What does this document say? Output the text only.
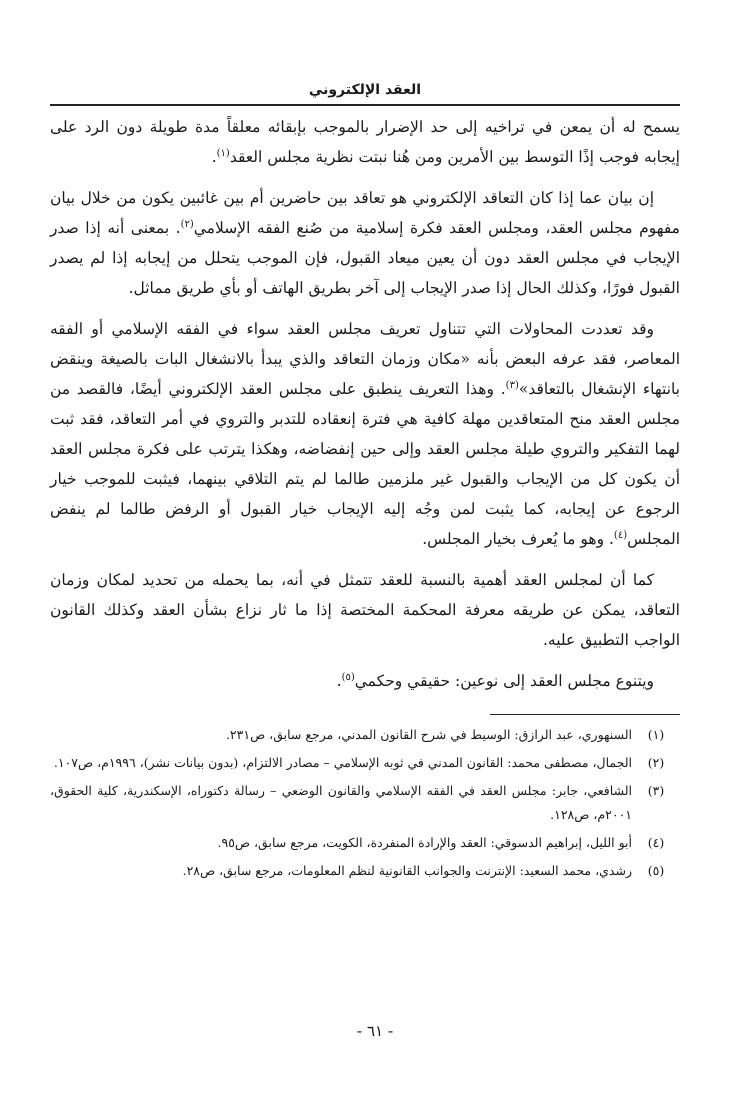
العقد الإلكتروني

يسمح له أن يمعن في تراخيه إلى حد الإضرار بالموجب بإبقائه معلقاً مدة طويلة دون الرد على إيجابه فوجب إذًا التوسط بين الأمرين ومن هُنا نبتت نظرية مجلس العقد$^{(١)}$.

إن بيان عما إذا كان التعاقد الإلكتروني هو تعاقد بين حاضرين أم بين غائبين يكون من خلال بيان مفهوم مجلس العقد، ومجلس العقد فكرة إسلامية من صُنع الفقه الإسلامي$^{(٢)}$. بمعنى أنه إذا صدر الإيجاب في مجلس العقد دون أن يعين ميعاد القبول، فإن الموجب يتحلل من إيجابه إذا لم يصدر القبول فورًا، وكذلك الحال إذا صدر الإيجاب إلى آخر بطريق الهاتف أو بأي طريق مماثل.

وقد تعددت المحاولات التي تتناول تعريف مجلس العقد سواء في الفقه الإسلامي أو الفقه المعاصر، فقد عرفه البعض بأنه «مكان وزمان التعاقد والذي يبدأ بالانشغال البات بالصيغة وينقض بانتهاء الإنشغال بالتعاقد»$^{(٣)}$. وهذا التعريف ينطبق على مجلس العقد الإلكتروني أيضًا، فالقصد من مجلس العقد منح المتعاقدين مهلة كافية هي فترة إنعقاده للتدبر والتروي في أمر التعاقد، فقد ثبت لهما التفكير والتروي طيلة مجلس العقد وإلى حين إنفضاضه، وهكذا يترتب على فكرة مجلس العقد أن يكون كل من الإيجاب والقبول غير ملزمين طالما لم يتم التلاقي بينهما، فيثبت للموجب خيار الرجوع عن إيجابه، كما يثبت لمن وجُه إليه الإيجاب خيار القبول أو الرفض طالما لم ينفض المجلس$^{(٤)}$. وهو ما يُعرف بخيار المجلس.

كما أن لمجلس العقد أهمية بالنسبة للعقد تتمثل في أنه، بما يحمله من تحديد لمكان وزمان التعاقد، يمكن عن طريقه معرفة المحكمة المختصة إذا ما ثار نزاع بشأن العقد وكذلك القانون الواجب التطبيق عليه.

ويتنوع مجلس العقد إلى نوعين: حقيقي وحكمي$^{(٥)}$.

(١)
السنهوري، عبد الرازق: الوسيط في شرح القانون المدني، مرجع سابق، ص٢٣١.
(٢)
الجمال، مصطفى محمد: القانون المدني في ثوبه الإسلامي – مصادر الالتزام، (بدون بيانات نشر)، ١٩٩٦م، ص١٠٧.
(٣)
الشافعي، جابر: مجلس العقد في الفقه الإسلامي والقانون الوضعي – رسالة دكتوراه، الإسكندرية، كلية الحقوق، ٢٠٠١م، ص١٢٨.
(٤)
أبو الليل، إبراهيم الدسوقي: العقد والإرادة المنفردة، الكويت، مرجع سابق، ص٩٥.
(٥)
رشدي، محمد السعيد: الإنترنت والجوانب القانونية لنظم المعلومات، مرجع سابق، ص٢٨.
- ٦١ -
